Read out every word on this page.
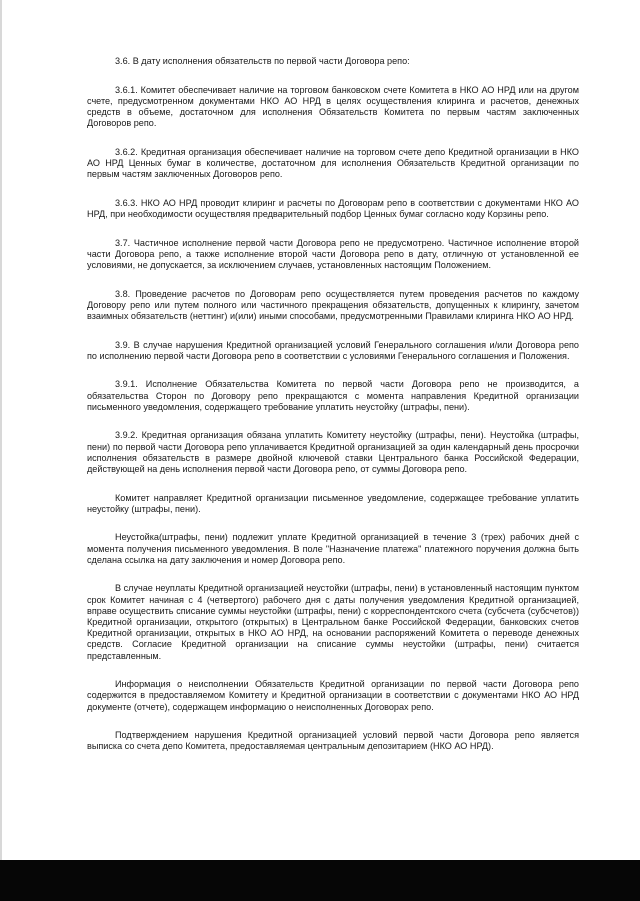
3.6. В дату исполнения обязательств по первой части Договора репо:

3.6.1. Комитет обеспечивает наличие на торговом банковском счете Комитета в НКО АО НРД или на другом счете, предусмотренном документами НКО АО НРД в целях осуществления клиринга и расчетов, денежных средств в объеме, достаточном для исполнения Обязательств Комитета по первым частям заключенных Договоров репо.

3.6.2. Кредитная организация обеспечивает наличие на торговом счете депо Кредитной организации в НКО АО НРД Ценных бумаг в количестве, достаточном для исполнения Обязательств Кредитной организации по первым частям заключенных Договоров репо.

3.6.3. НКО АО НРД проводит клиринг и расчеты по Договорам репо в соответствии с документами НКО АО НРД, при необходимости осуществляя предварительный подбор Ценных бумаг согласно коду Корзины репо.

3.7. Частичное исполнение первой части Договора репо не предусмотрено. Частичное исполнение второй части Договора репо, а также исполнение второй части Договора репо в дату, отличную от установленной ее условиями, не допускается, за исключением случаев, установленных настоящим Положением.

3.8. Проведение расчетов по Договорам репо осуществляется путем проведения расчетов по каждому Договору репо или путем полного или частичного прекращения обязательств, допущенных к клирингу, зачетом взаимных обязательств (неттинг) и(или) иными способами, предусмотренными Правилами клиринга НКО АО НРД.

3.9. В случае нарушения Кредитной организацией условий Генерального соглашения и/или Договора репо по исполнению первой части Договора репо в соответствии с условиями Генерального соглашения и Положения.

3.9.1. Исполнение Обязательства Комитета по первой части Договора репо не производится, а обязательства Сторон по Договору репо прекращаются с момента направления Кредитной организации письменного уведомления, содержащего требование уплатить неустойку (штрафы, пени).

3.9.2. Кредитная организация обязана уплатить Комитету неустойку (штрафы, пени). Неустойка (штрафы, пени) по первой части Договора репо уплачивается Кредитной организацией за один календарный день просрочки исполнения обязательств в размере двойной ключевой ставки Центрального банка Российской Федерации, действующей на день исполнения первой части Договора репо, от суммы Договора репо.

Комитет направляет Кредитной организации письменное уведомление, содержащее требование уплатить неустойку (штрафы, пени).

Неустойка(штрафы, пени) подлежит уплате Кредитной организацией в течение 3 (трех) рабочих дней с момента получения письменного уведомления. В поле "Назначение платежа" платежного поручения должна быть сделана ссылка на дату заключения и номер Договора репо.

В случае неуплаты Кредитной организацией неустойки (штрафы, пени) в установленный настоящим пунктом срок Комитет начиная с 4 (четвертого) рабочего дня с даты получения уведомления Кредитной организацией, вправе осуществить списание суммы неустойки (штрафы, пени) с корреспондентского счета (субсчета (субсчетов)) Кредитной организации, открытого (открытых) в Центральном банке Российской Федерации, банковских счетов Кредитной организации, открытых в НКО АО НРД, на основании распоряжений Комитета о переводе денежных средств. Согласие Кредитной организации на списание суммы неустойки (штрафы, пени) считается представленным.

Информация о неисполнении Обязательств Кредитной организации по первой части Договора репо содержится в предоставляемом Комитету и Кредитной организации в соответствии с документами НКО АО НРД документе (отчете), содержащем информацию о неисполненных Договорах репо.

Подтверждением нарушения Кредитной организацией условий первой части Договора репо является выписка со счета депо Комитета, предоставляемая центральным депозитарием (НКО АО НРД).
